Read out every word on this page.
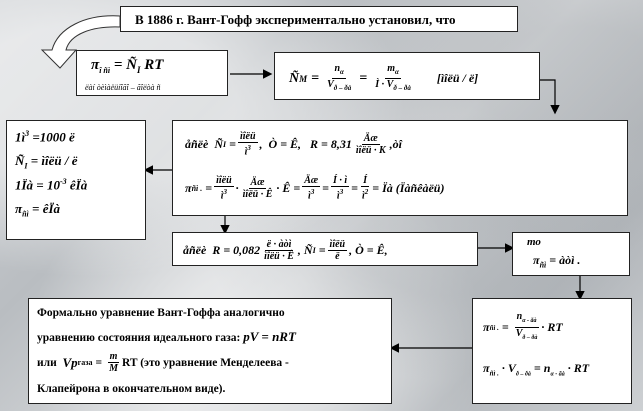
В 1886 г. Вант-Гофф экспериментально установил, что
$\pi_{î ñì}$ = $Ñ_I$ RT
ëàí òèìàëüíîãî – ãîëòà ñ
Ñ $M = \frac{n_\alpha}{V_{ð - ðà}} = \frac{m_\alpha}{Ì \cdot V_{ð - ðà}}$ [ìîëü / ë]
åñëè
Ñ $I = \frac{\text{ìîëü}}{ì^3}$ , Ò = Ê,
$R = 8,31 \frac{Äæ}{\text{ìîëü · K}}$ ,òî
π ñì . = $\frac{\text{ìîëü}}{ì^3} \cdot \frac{Äæ}{\text{ìîëü · Ê}}$ · Ê = $\frac{Äæ}{ì^3} = \frac{Í \cdot ì}{ì^3} = \frac{Í}{ì^2}$ = Ïà (Ïàñêàëü)
$1ì^3 =1000$ ë
$Ñ_I$ = ìîëü / ë
1Ïà = $10^{-3}$ êÏà
$\pi_{ñì}$ = êÏà
åñëè
$R = 0,082 \frac{\text{ë · àòì}}{\text{ìîëü · Ê}}$ , Ñ $I = \frac{\text{ìîëü}}{ë}$ , Ò = Ê,
то
$\pi_{ñì}$ = àòì .
Формально уравнение Вант-Гоффа аналогично
уравнению состояния идеального газа: pV = nRT
или
Vp газа = $\frac{m}{M}$ RT (это уравнение Менделеева -
Клапейрона в окончательном виде).
π ñì . = $\frac{n_{\alpha - ãà}}{V_{ð - ðà}}$ · RT
$\pi_{ñì .} \cdot V_{ð - ðà} = n_{\alpha - ãà}$ · RT
